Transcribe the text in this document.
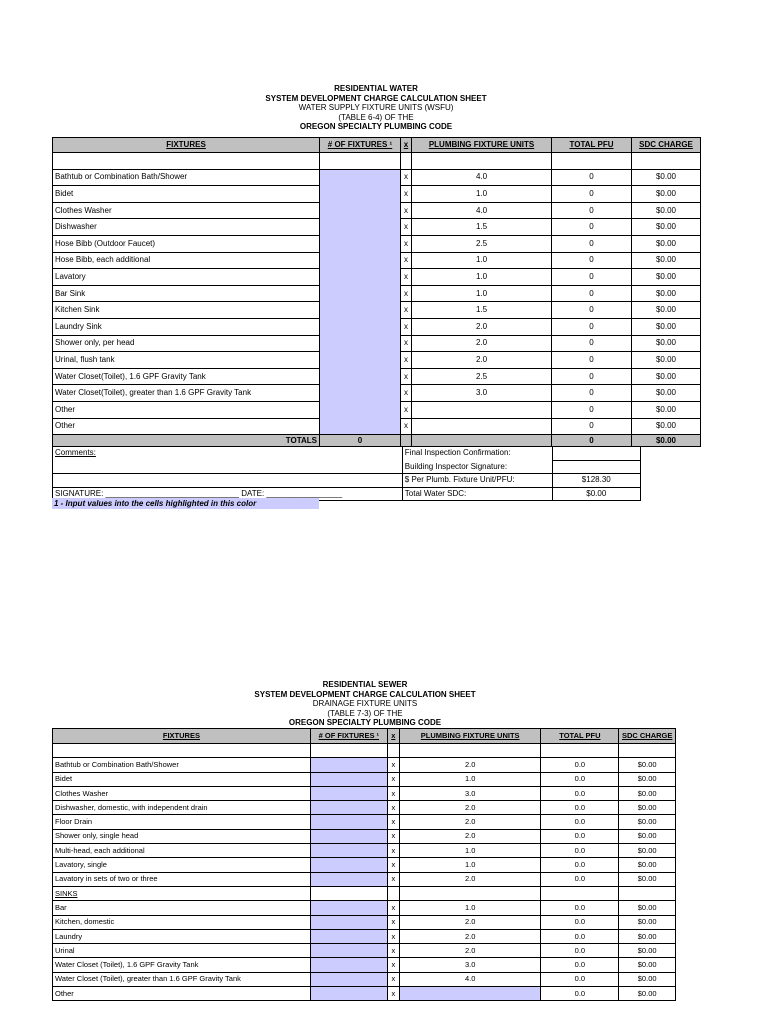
RESIDENTIAL WATER
SYSTEM DEVELOPMENT CHARGE CALCULATION SHEET
WATER SUPPLY FIXTURE UNITS (WSFU)
(TABLE 6-4) OF THE
OREGON SPECIALTY PLUMBING CODE
FIXTURES	# OF FIXTURES ¹	x	PLUMBING FIXTURE UNITS	TOTAL PFU	SDC CHARGE

Bathtub or Combination Bath/Shower		x	4.0	0	$0.00
Bidet		x	1.0	0	$0.00
Clothes Washer		x	4.0	0	$0.00
Dishwasher		x	1.5	0	$0.00
Hose Bibb (Outdoor Faucet)		x	2.5	0	$0.00
Hose Bibb, each additional		x	1.0	0	$0.00
Lavatory		x	1.0	0	$0.00
Bar Sink		x	1.0	0	$0.00
Kitchen Sink		x	1.5	0	$0.00
Laundry Sink		x	2.0	0	$0.00
Shower only, per head		x	2.0	0	$0.00
Urinal, flush tank		x	2.0	0	$0.00
Water Closet(Toilet), 1.6 GPF Gravity Tank		x	2.5	0	$0.00
Water Closet(Toilet), greater than 1.6 GPF Gravity Tank		x	3.0	0	$0.00
Other		x		0	$0.00
Other		x		0	$0.00
TOTALS	0			0	$0.00
Comments:	Final Inspection Confirmation:	
	Building Inspector Signature:	
	$ Per Plumb. Fixture Unit/PFU:	$128.30
SIGNATURE: ______________________________ DATE: _________________	Total Water SDC:	$0.00
1 - Input values into the cells highlighted in this color
RESIDENTIAL SEWER
SYSTEM DEVELOPMENT CHARGE CALCULATION SHEET
DRAINAGE FIXTURE UNITS
(TABLE 7-3) OF THE
OREGON SPECIALTY PLUMBING CODE
FIXTURES	# OF FIXTURES ¹	x	PLUMBING FIXTURE UNITS	TOTAL PFU	SDC CHARGE

Bathtub or Combination Bath/Shower		x	2.0	0.0	$0.00
Bidet		x	1.0	0.0	$0.00
Clothes Washer		x	3.0	0.0	$0.00
Dishwasher, domestic, with independent drain		x	2.0	0.0	$0.00
Floor Drain		x	2.0	0.0	$0.00
Shower only, single head		x	2.0	0.0	$0.00
Multi-head, each additional		x	1.0	0.0	$0.00
Lavatory, single		x	1.0	0.0	$0.00
Lavatory in sets of two or three		x	2.0	0.0	$0.00
SINKS					
Bar		x	1.0	0.0	$0.00
Kitchen, domestic		x	2.0	0.0	$0.00
Laundry		x	2.0	0.0	$0.00
Urinal		x	2.0	0.0	$0.00
Water Closet (Toilet), 1.6 GPF Gravity Tank		x	3.0	0.0	$0.00
Water Closet (Toilet), greater than 1.6 GPF Gravity Tank		x	4.0	0.0	$0.00
Other		x		0.0	$0.00
